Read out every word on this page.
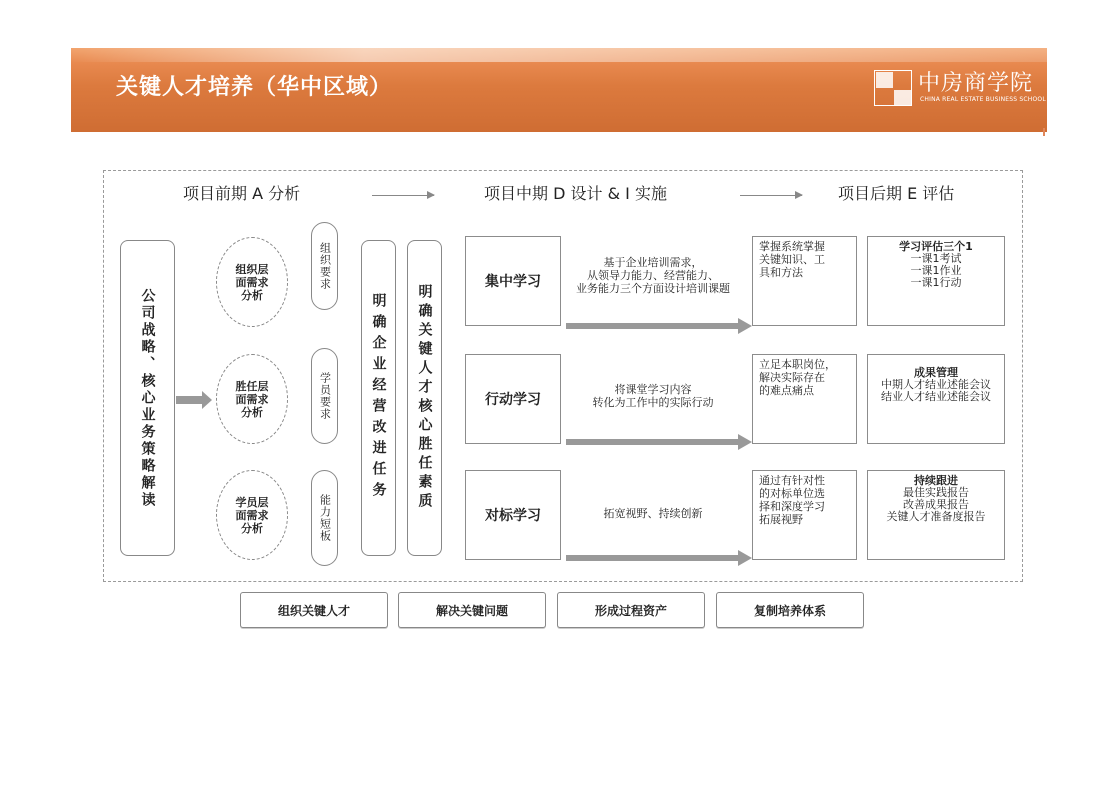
关键人才培养（华中区域）	中房商学院
CHINA REAL ESTATE BUSINESS SCHOOL
项目前期 A 分析	项目中期 D 设计 & I 实施	项目后期 E 评估
公司战略、核心业务策略解读
组织层
面需求
分析
组织要求
胜任层
面需求
分析	学员要求
学员层
面需求
分析	能力短板
明确企业经营改进任务 明确关键人才核心胜任素质
集中学习
基于企业培训需求，
从领导力能力、经营能力、
业务能力三个方面设计培训课题
掌握系统掌握
关键知识、工
具和方法
学习评估三个1
一课1考试
一课1作业
一课1行动
行动学习
将课堂学习内容
转化为工作中的实际行动
立足本职岗位，
解决实际存在
的难点痛点
成果管理
中期人才结业述能会议
结业人才结业述能会议
对标学习	拓宽视野、持续创新
通过有针对性
的对标单位选
择和深度学习
拓展视野
持续跟进
最佳实践报告
改善成果报告
关键人才准备度报告
组织关键人才	解决关键问题	形成过程资产	复制培养体系
